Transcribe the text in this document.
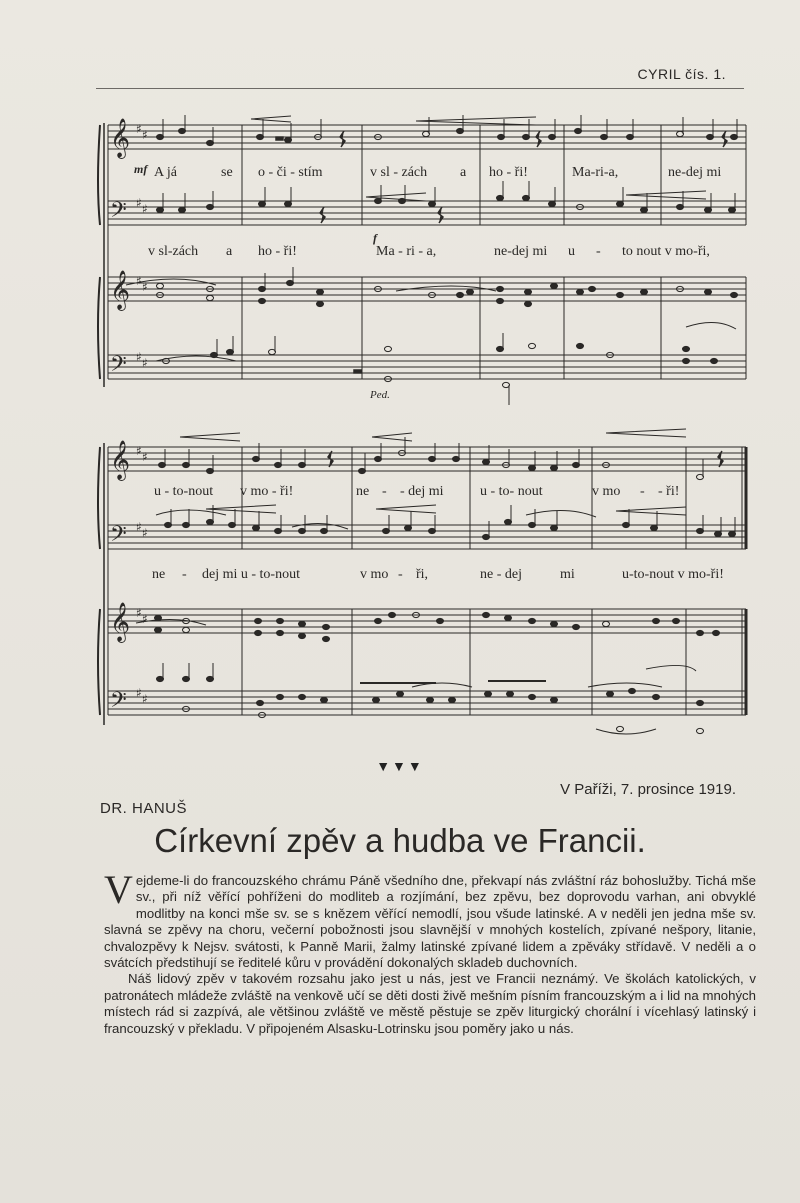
CYRIL čís. 1.
𝄞
𝄢
𝄞
𝄢
♯ ♯
♯ ♯
♯ ♯
♯ ♯
mf
f
A já	se o - či - stím	v sl - zách a ho - ři!	Ma-ri-a,	ne-dej mi
v sl-zách a ho - ři!	Ma - ri - a,	ne-dej mi u - to nout v mo-ři,
Ped.
𝄞
𝄢
𝄞
𝄢
♯ ♯
♯ ♯
♯ ♯
♯ ♯
u - to-nout v mo - ři!	ne - - dej mi	u - to- nout	v mo - - ři!
ne - dej mi u - to-nout	v mo - ři,	ne - dej	mi	u-to-nout v mo-ři!
▼▼▼
V Paříži, 7. prosince 1919.
DR. HANUŠ
Církevní zpěv a hudba ve Francii.

Vejdeme-li do francouzského chrámu Páně všedního dne, překvapí nás zvláštní ráz bohoslužby. Tichá mše sv., při níž věřící pohříženi do modliteb a rozjímání, bez zpěvu, bez doprovodu varhan, ani obvyklé modlitby na konci mše sv. se s knězem věřící nemodlí, jsou všude latinské. A v neděli jen jedna mše sv. slavná se zpěvy na choru, večerní pobožnosti jsou slavnější v mnohých kostelích, zpívané nešpory, litanie, chvalozpěvy k Nejsv. svátosti, k Panně Marii, žalmy latinské zpívané lidem a zpěváky střídavě. V neděli a o svátcích předstihují se ředitelé kůru v provádění dokonalých skladeb duchovních.

Náš lidový zpěv v takovém rozsahu jako jest u nás, jest ve Francii neznámý. Ve školách katolických, v patronátech mládeže zvláště na venkově učí se děti dosti živě mešním písním francouzským a i lid na mnohých místech rád si zazpívá, ale většinou zvláště ve městě pěstuje se zpěv liturgický chorální i vícehlasý latinský i francouzský v překladu. V připojeném Alsasku-Lotrinsku jsou poměry jako u nás.
